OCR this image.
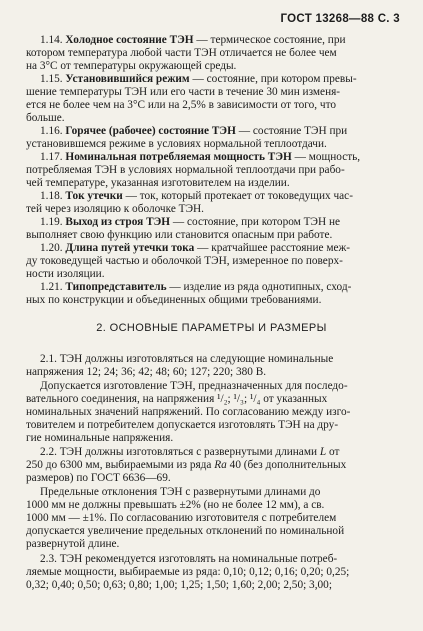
ГОСТ 13268—88 С. 3
1.14. Холодное состояние ТЭН — термическое состояние, при
котором температура любой части ТЭН отличается не более чем
на 3°С от температуры окружающей среды.
1.15. Установившийся режим — состояние, при котором превы-
шение температуры ТЭН или его части в течение 30 мин изменя-
ется не более чем на 3°С или на 2,5% в зависимости от того, что
больше.
1.16. Горячее (рабочее) состояние ТЭН — состояние ТЭН при
установившемся режиме в условиях нормальной теплоотдачи.
1.17. Номинальная потребляемая мощность ТЭН — мощность,
потребляемая ТЭН в условиях нормальной теплоотдачи при рабо-
чей температуре, указанная изготовителем на изделии.
1.18. Ток утечки — ток, который протекает от токоведущих час-
тей через изоляцию к оболочке ТЭН.
1.19. Выход из строя ТЭН — состояние, при котором ТЭН не
выполняет свою функцию или становится опасным при работе.
1.20. Длина путей утечки тока — кратчайшее расстояние меж-
ду токоведущей частью и оболочкой ТЭН, измеренное по поверх-
ности изоляции.
1.21. Типопредставитель — изделие из ряда однотипных, сход-
ных по конструкции и объединенных общими требованиями.
2. ОСНОВНЫЕ ПАРАМЕТРЫ И РАЗМЕРЫ
2.1. ТЭН должны изготовляться на следующие номинальные
напряжения 12; 24; 36; 42; 48; 60; 127; 220; 380 В.
Допускается изготовление ТЭН, предназначенных для последо-
вательного соединения, на напряжения ¹/₂; ¹/₃; ¹/₄ от указанных
номинальных значений напряжений. По согласованию между изго-
товителем и потребителем допускается изготовлять ТЭН на дру-
гие номинальные напряжения.
2.2. ТЭН должны изготовляться с развернутыми длинами L от
250 до 6300 мм, выбираемыми из ряда Ra 40 (без дополнительных
размеров) по ГОСТ 6636—69.
Предельные отклонения ТЭН с развернутыми длинами до
1000 мм не должны превышать ±2% (но не более 12 мм), а св.
1000 мм — ±1%. По согласованию изготовителя с потребителем
допускается увеличение предельных отклонений по номинальной
развернутой длине.
2.3. ТЭН рекомендуется изготовлять на номинальные потреб-
ляемые мощности, выбираемые из ряда: 0,10; 0,12; 0,16; 0,20; 0,25;
0,32; 0,40; 0,50; 0,63; 0,80; 1,00; 1,25; 1,50; 1,60; 2,00; 2,50; 3,00;
